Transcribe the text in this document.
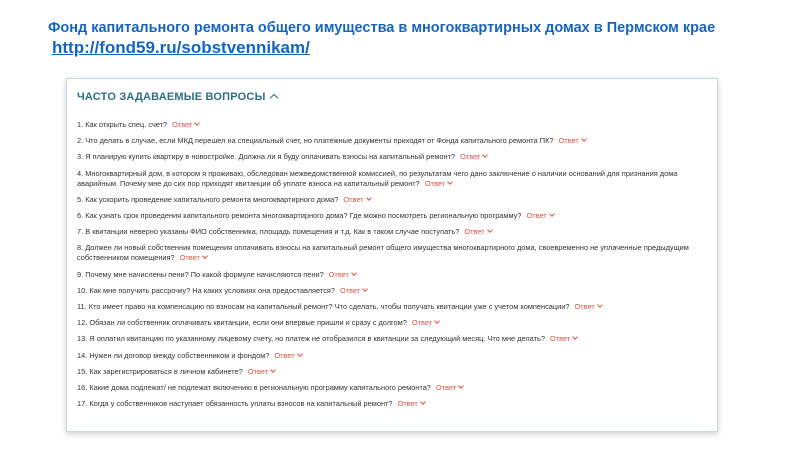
Фонд капитального ремонта общего имущества в многоквартирных домах в Пермском крае http://fond59.ru/sobstvennikam/
ЧАСТО ЗАДАВАЕМЫЕ ВОПРОСЫ
1. Как открыть спец. счет? Ответ
2. Что делать в случае, если МКД перешел на специальный счет, но платежные документы приходят от Фонда капитального ремонта ПК? Ответ
3. Я планирую купить квартиру в новостройке. Должна ли я буду оплачивать взносы на капитальный ремонт? Ответ
4. Многоквартирный дом, в котором я проживаю, обследован межведомственной комиссией, по результатам чего дано заключение о наличии оснований для признания дома аварийным. Почему мне до сих пор приходят квитанции об уплате взноса на капитальный ремонт? Ответ
5. Как ускорить проведение капитального ремонта многоквартирного дома? Ответ
6. Как узнать срок проведения капитального ремонта многоквартирного дома? Где можно посмотреть региональную программу? Ответ
7. В квитанции неверно указаны ФИО собственника, площадь помещения и т.д. Как в таком случае поступать? Ответ
8. Должен ли новый собственник помещения оплачивать взносы на капитальный ремонт общего имущества многоквартирного дома, своевременно не уплаченные предыдущим собственником помещения? Ответ
9. Почему мне начислены пени? По какой формуле начисляются пени? Ответ
10. Как мне получить рассрочку? На каких условиях она предоставляется? Ответ
11. Кто имеет право на компенсацию по взносам на капитальный ремонт? Что сделать, чтобы получать квитанции уже с учетом компенсации? Ответ
12. Обязан ли собственник оплачивать квитанции, если они впервые пришли и сразу с долгом? Ответ
13. Я оплатил квитанцию по указанному лицевому счету, но платеж не отобразился в квитанции за следующий месяц. Что мне делать? Ответ
14. Нужен ли договор между собственником и фондом? Ответ
15. Как зарегистрироваться в личном кабинете? Ответ
16. Какие дома подлежат/ не подлежат включению в региональную программу капитального ремонта? Ответ
17. Когда у собственников наступает обязанность уплаты взносов на капитальный ремонт? Ответ
